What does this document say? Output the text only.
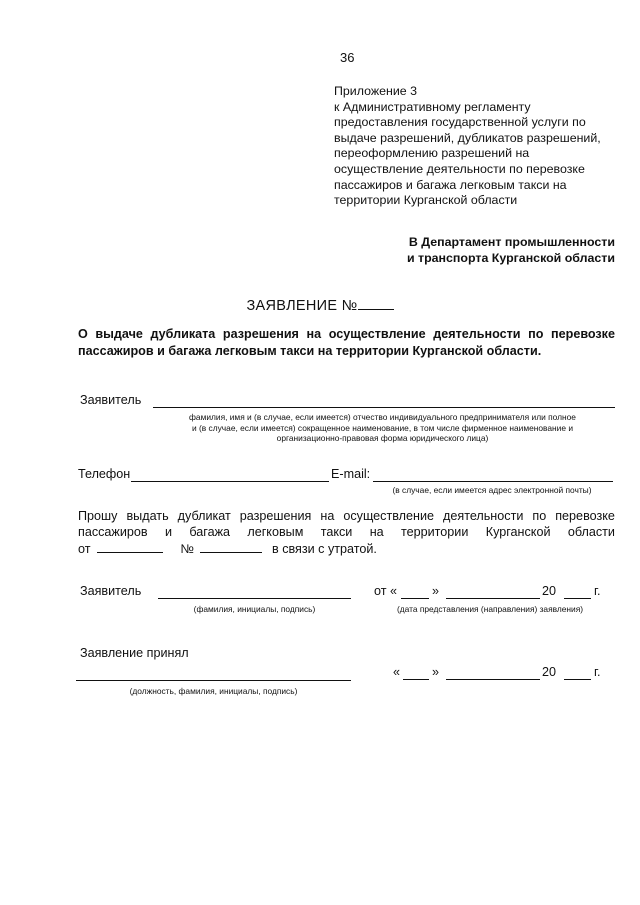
36
Приложение 3
к Административному регламенту
предоставления государственной услуги по
выдаче разрешений, дубликатов разрешений,
переоформлению разрешений на
осуществление деятельности по перевозке
пассажиров и багажа легковым такси на
территории Курганской области
В Департамент промышленности
и транспорта Курганской области
ЗАЯВЛЕНИЕ №
О выдаче дубликата разрешения на осуществление деятельности по перевозке пассажиров и багажа легковым такси на территории Курганской области.
Заявитель
фамилия, имя и (в случае, если имеется) отчество индивидуального предпринимателя или полное
и (в случае, если имеется) сокращенное наименование, в том числе фирменное наименование и
организационно-правовая форма юридического лица)
Телефон	E-mail:
(в случае, если имеется адрес электронной почты)
Прошу выдать дубликат разрешения на осуществление деятельности по перевозке
пассажиров и багажа легковым такси на территории Курганской области
от	№	в связи с утратой.
Заявитель
(фамилия, инициалы, подпись)
от «	»	20	г.
(дата представления (направления) заявления)
Заявление принял
(должность, фамилия, инициалы, подпись)
«	»	20	г.
